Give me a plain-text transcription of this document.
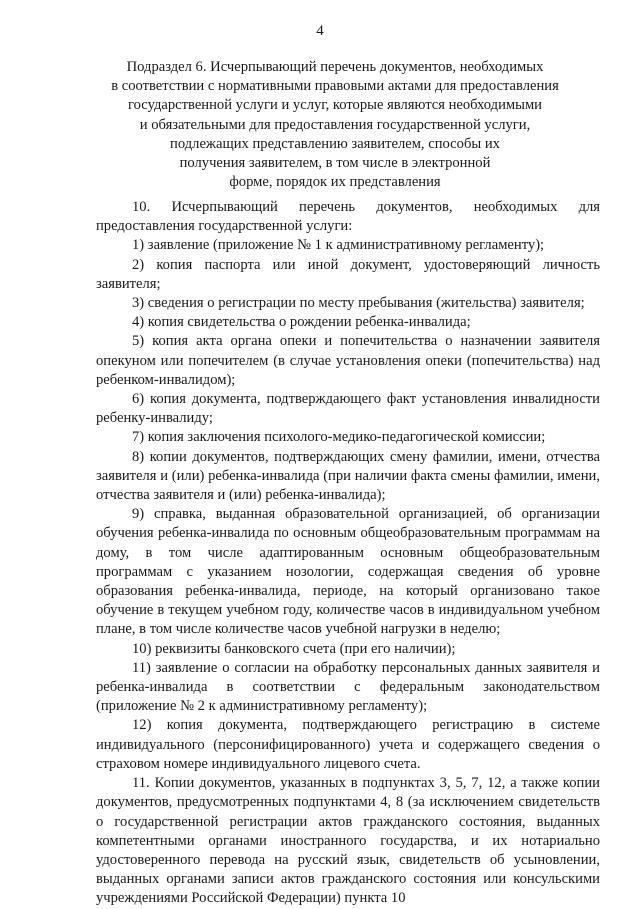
4
Подраздел 6. Исчерпывающий перечень документов, необходимых
в соответствии с нормативными правовыми актами для предоставления
государственной услуги и услуг, которые являются необходимыми
и обязательными для предоставления государственной услуги,
подлежащих представлению заявителем, способы их
получения заявителем, в том числе в электронной
форме, порядок их представления

10. Исчерпывающий перечень документов, необходимых для предоставления государственной услуги:

1) заявление (приложение № 1 к административному регламенту);

2) копия паспорта или иной документ, удостоверяющий личность заявителя;

3) сведения о регистрации по месту пребывания (жительства) заявителя;

4) копия свидетельства о рождении ребенка-инвалида;

5) копия акта органа опеки и попечительства о назначении заявителя опекуном или попечителем (в случае установления опеки (попечительства) над ребенком-инвалидом);

6) копия документа, подтверждающего факт установления инвалидности ребенку-инвалиду;

7) копия заключения психолого-медико-педагогической комиссии;

8) копии документов, подтверждающих смену фамилии, имени, отчества заявителя и (или) ребенка-инвалида (при наличии факта смены фамилии, имени, отчества заявителя и (или) ребенка-инвалида);

9) справка, выданная образовательной организацией, об организации обучения ребенка-инвалида по основным общеобразовательным программам на дому, в том числе адаптированным основным общеобразовательным программам с указанием нозологии, содержащая сведения об уровне образования ребенка-инвалида, периоде, на который организовано такое обучение в текущем учебном году, количестве часов в индивидуальном учебном плане, в том числе количестве часов учебной нагрузки в неделю;

10) реквизиты банковского счета (при его наличии);

11) заявление о согласии на обработку персональных данных заявителя и ребенка-инвалида в соответствии с федеральным законодательством (приложение № 2 к административному регламенту);

12) копия документа, подтверждающего регистрацию в системе индивидуального (персонифицированного) учета и содержащего сведения о страховом номере индивидуального лицевого счета.

11. Копии документов, указанных в подпунктах 3, 5, 7, 12, а также копии документов, предусмотренных подпунктами 4, 8 (за исключением свидетельств о государственной регистрации актов гражданского состояния, выданных компетентными органами иностранного государства, и их нотариально удостоверенного перевода на русский язык, свидетельств об усыновлении, выданных органами записи актов гражданского состояния или консульскими учреждениями Российской Федерации) пункта 10
